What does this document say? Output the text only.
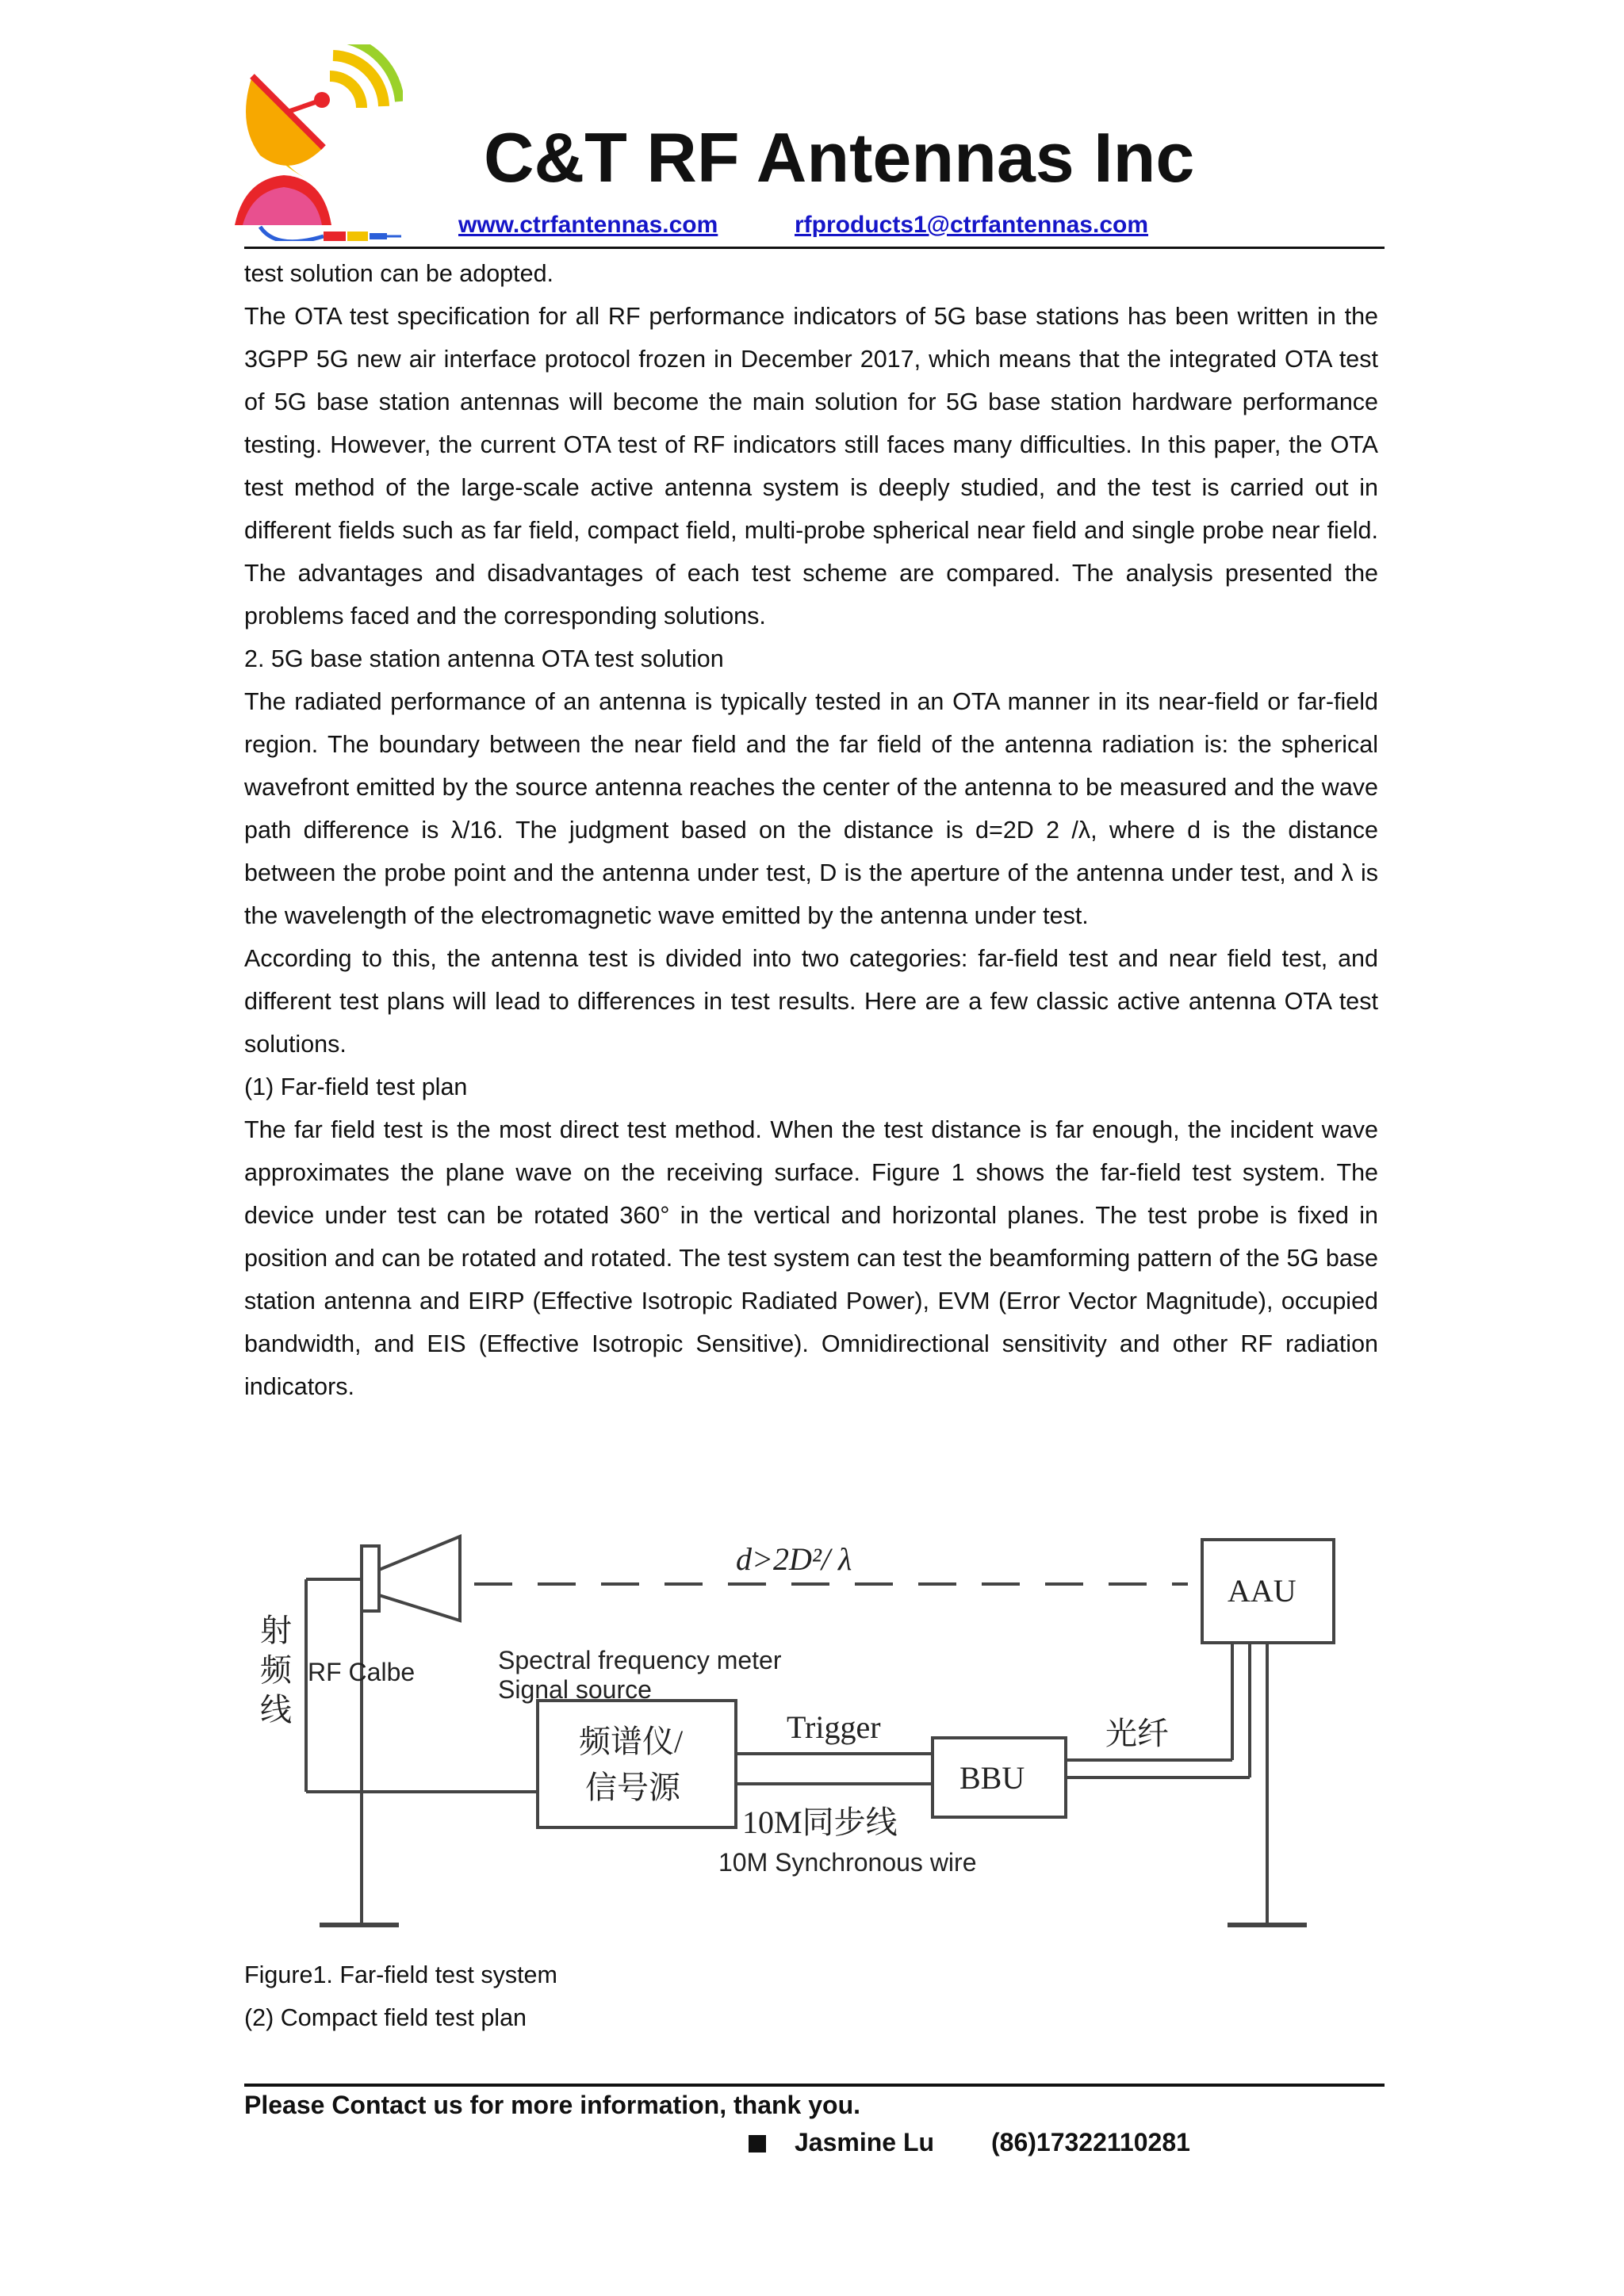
C&T RF Antennas Inc
www.ctrfantennas.com	rfproducts1@ctrfantennas.com

test solution can be adopted.

The OTA test specification for all RF performance indicators of 5G base stations has been written in the 3GPP 5G new air interface protocol frozen in December 2017, which means that the integrated OTA test of 5G base station antennas will become the main solution for 5G base station hardware performance testing. However, the current OTA test of RF indicators still faces many difficulties. In this paper, the OTA test method of the large-scale active antenna system is deeply studied, and the test is carried out in different fields such as far field, compact field, multi-probe spherical near field and single probe near field. The advantages and disadvantages of each test scheme are compared. The analysis presented the problems faced and the corresponding solutions.

2. 5G base station antenna OTA test solution

The radiated performance of an antenna is typically tested in an OTA manner in its near-field or far-field region. The boundary between the near field and the far field of the antenna radiation is: the spherical wavefront emitted by the source antenna reaches the center of the antenna to be measured and the wave path difference is λ/16. The judgment based on the distance is d=2D 2 /λ, where d is the distance between the probe point and the antenna under test, D is the aperture of the antenna under test, and λ is the wavelength of the electromagnetic wave emitted by the antenna under test.

According to this, the antenna test is divided into two categories: far-field test and near field test, and different test plans will lead to differences in test results. Here are a few classic active antenna OTA test solutions.

(1) Far-field test plan

The far field test is the most direct test method. When the test distance is far enough, the incident wave approximates the plane wave on the receiving surface. Figure 1 shows the far-field test system. The device under test can be rotated 360° in the vertical and horizontal planes. The test probe is fixed in position and can be rotated and rotated. The test system can test the beamforming pattern of the 5G base station antenna and EIRP (Effective Isotropic Radiated Power), EVM (Error Vector Magnitude), occupied bandwidth, and EIS (Effective Isotropic Sensitive). Omnidirectional sensitivity and other RF radiation indicators.

d>2D²/ λ
AAU
射
频
线
RF Calbe	Spectral frequency meter
Signal source
频谱仪/
信号源
Trigger
BBU
光纤
10M同步线
10M Synchronous wire
Figure1. Far-field test system
(2) Compact field test plan
Please Contact us for more information, thank you.
Jasmine Lu (86)17322110281
